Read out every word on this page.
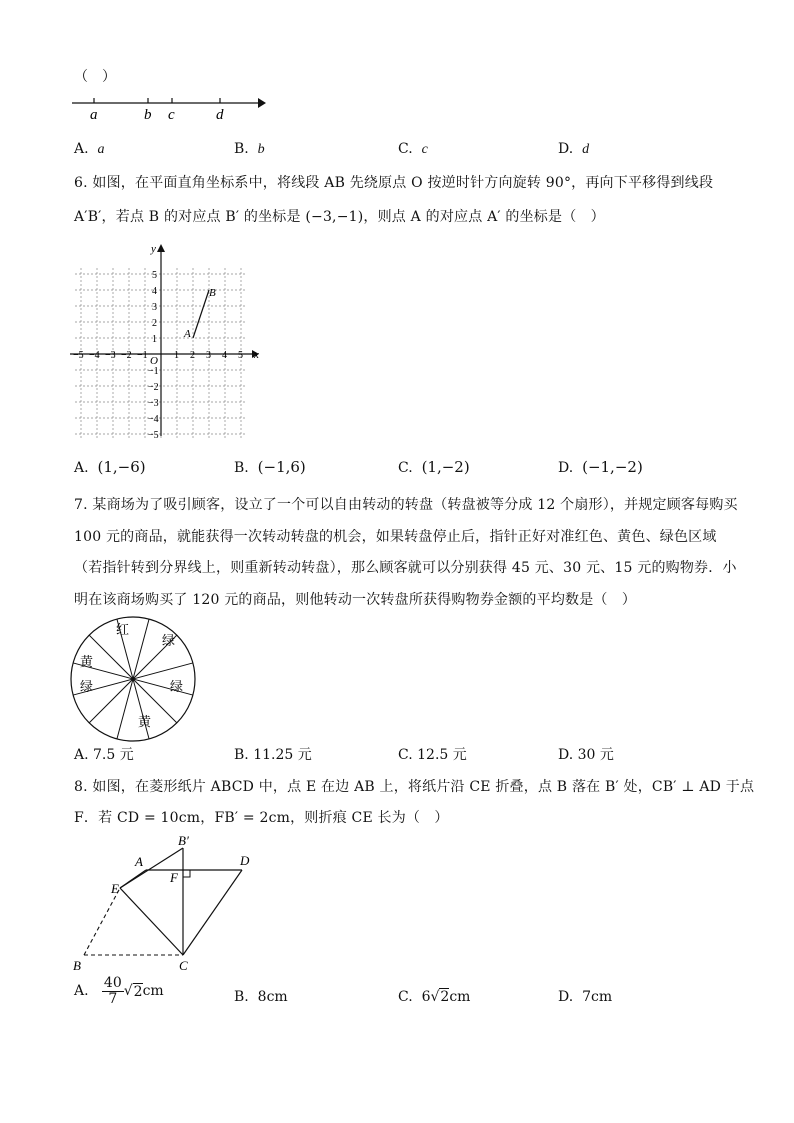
（　）
a	b c	d
A. a	B. b	C. c	D. d
6. 如图，在平面直角坐标系中，将线段 AB 先绕原点 O 按逆时针方向旋转 90°，再向下平移得到线段
A′B′，若点 B 的对应点 B′ 的坐标是 (−3,−1)，则点 A 的对应点 A′ 的坐标是（　）
x
y
O
−5 −4 −3 −2 −1	1 2 3 4 5
5
4
3
2
1
−1
−2
−3
−4
−5
A
B
A. (1,−6)	B. (−1,6)	C. (1,−2)	D. (−1,−2)
7. 某商场为了吸引顾客，设立了一个可以自由转动的转盘（转盘被等分成 12 个扇形），并规定顾客每购买
100 元的商品，就能获得一次转动转盘的机会，如果转盘停止后，指针正好对准红色、黄色、绿色区域
（若指针转到分界线上，则重新转动转盘），那么顾客就可以分别获得 45 元、30 元、15 元的购物券．小
明在该商场购买了 120 元的商品，则他转动一次转盘所获得购物券金额的平均数是（　）
红
绿
黄
绿	绿
黄
A. 7.5 元	B. 11.25 元	C. 12.5 元	D. 30 元
8. 如图，在菱形纸片 ABCD 中，点 E 在边 AB 上，将纸片沿 CE 折叠，点 B 落在 B′ 处，CB′ ⊥ AD 于点
F．若 CD = 10cm，FB′ = 2cm，则折痕 CE 长为（　）
A
B′
D
E
F
B	C
A. $\frac{40}{7} √2cm$	B. 8cm	C. 6√2cm	D. 7cm
